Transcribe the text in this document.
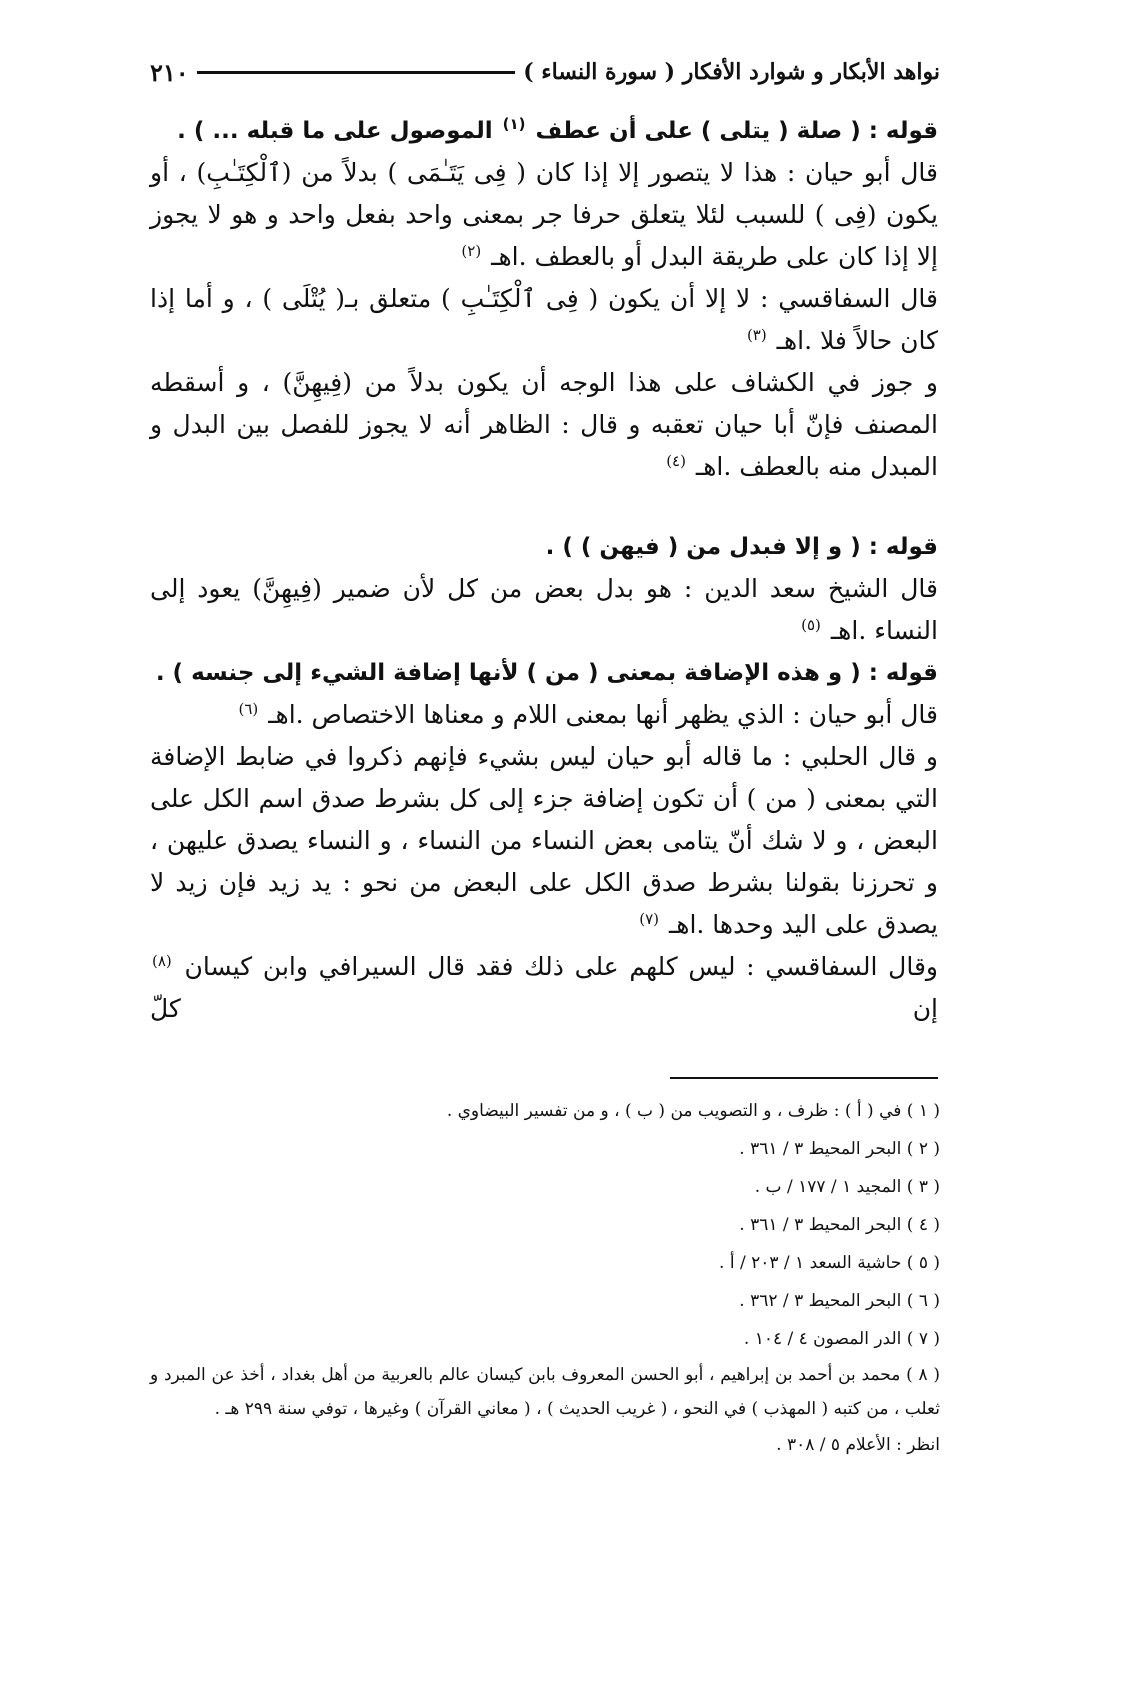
نواهد الأبكار و شوارد الأفكار ( سورة النساء )
٢١٠

قوله : ( صلة ( يتلى ) على أن عطف $^{(١)}$ الموصول على ما قبله ... ) .

قال أبو حيان : هذا لا يتصور إلا إذا كان ( فِى يَتَـٰمَى ) بدلاً من (ٱلْكِتَـٰبِ) ، أو يكون (فِى ) للسبب لئلا يتعلق حرفا جر بمعنى واحد بفعل واحد و هو لا يجوز إلا إذا كان على طريقة البدل أو بالعطف .اهـ $^{(٢)}$

قال السفاقسي : لا إلا أن يكون ( فِى ٱلْكِتَـٰبِ ) متعلق بـ( يُتْلَى ) ، و أما إذا كان حالاً فلا .اهـ $^{(٣)}$

و جوز في الكشاف على هذا الوجه أن يكون بدلاً من (فِيهِنَّ) ، و أسقطه المصنف فإنّ أبا حيان تعقبه و قال : الظاهر أنه لا يجوز للفصل بين البدل و المبدل منه بالعطف .اهـ $^{(٤)}$

قوله : ( و إلا فبدل من ( فيهن ) ) .

قال الشيخ سعد الدين : هو بدل بعض من كل لأن ضمير (فِيهِنَّ) يعود إلى النساء .اهـ $^{(٥)}$

قوله : ( و هذه الإضافة بمعنى ( من ) لأنها إضافة الشيء إلى جنسه ) .

قال أبو حيان : الذي يظهر أنها بمعنى اللام و معناها الاختصاص .اهـ $^{(٦)}$

و قال الحلبي : ما قاله أبو حيان ليس بشيء فإنهم ذكروا في ضابط الإضافة التي بمعنى ( من ) أن تكون إضافة جزء إلى كل بشرط صدق اسم الكل على البعض ، و لا شك أنّ يتامى بعض النساء من النساء ، و النساء يصدق عليهن ، و تحرزنا بقولنا بشرط صدق الكل على البعض من نحو : يد زيد فإن زيد لا يصدق على اليد وحدها .اهـ $^{(٧)}$

وقال السفاقسي : ليس كلهم على ذلك فقد قال السيرافي وابن كيسان $^{(٨)}$ إن كلّ

( ١ ) في ( أ ) : ظرف ، و التصويب من ( ب ) ، و من تفسير البيضاوي .

( ٢ ) البحر المحيط ٣ / ٣٦١ .

( ٣ ) المجيد ١ / ١٧٧ / ب .

( ٤ ) البحر المحيط ٣ / ٣٦١ .

( ٥ ) حاشية السعد ١ / ٢٠٣ / أ .

( ٦ ) البحر المحيط ٣ / ٣٦٢ .

( ٧ ) الدر المصون ٤ / ١٠٤ .

( ٨ ) محمد بن أحمد بن إبراهيم ، أبو الحسن المعروف بابن كيسان عالم بالعربية من أهل بغداد ، أخذ عن المبرد و ثعلب ، من كتبه ( المهذب ) في النحو ، ( غريب الحديث ) ، ( معاني القرآن ) وغيرها ، توفي سنة ٢٩٩ هـ .

انظر : الأعلام ٥ / ٣٠٨ .
